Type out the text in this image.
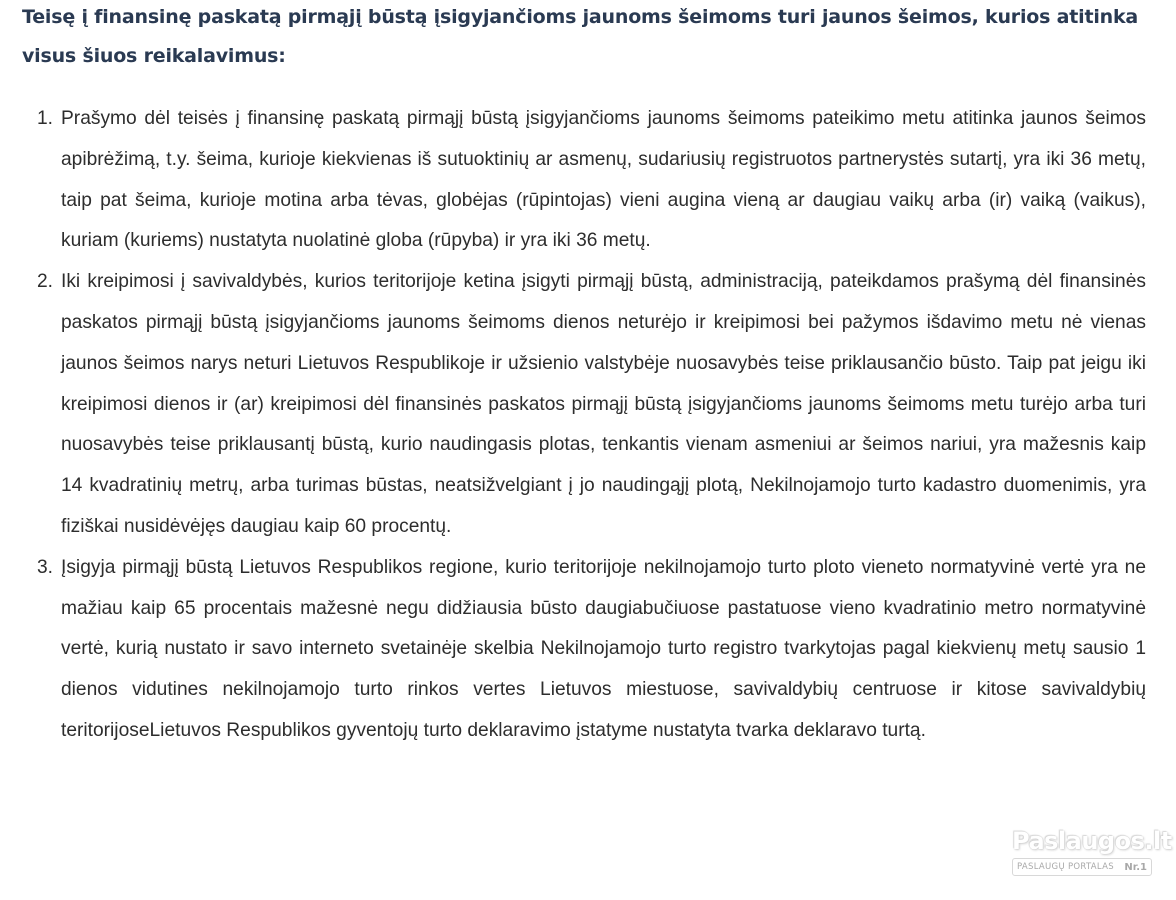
Teisę į finansinę paskatą pirmąjį būstą įsigyjančioms jaunoms šeimoms turi jaunos šeimos, kurios atitinka visus šiuos reikalavimus:
1. Prašymo dėl teisės į finansinę paskatą pirmąjį būstą įsigyjančioms jaunoms šeimoms pateikimo metu atitinka jaunos šeimos apibrėžimą, t.y. šeima, kurioje kiekvienas iš sutuoktinių ar asmenų, sudariusių registruotos partnerystės sutartį, yra iki 36 metų, taip pat šeima, kurioje motina arba tėvas, globėjas (rūpintojas) vieni augina vieną ar daugiau vaikų arba (ir) vaiką (vaikus), kuriam (kuriems) nustatyta nuolatinė globa (rūpyba) ir yra iki 36 metų.
2. Iki kreipimosi į savivaldybės, kurios teritorijoje ketina įsigyti pirmąjį būstą, administraciją, pateikdamos prašymą dėl finansinės paskatos pirmąjį būstą įsigyjančioms jaunoms šeimoms dienos neturėjo ir kreipimosi bei pažymos išdavimo metu nė vienas jaunos šeimos narys neturi Lietuvos Respublikoje ir užsienio valstybėje nuosavybės teise priklausančio būsto. Taip pat jeigu iki kreipimosi dienos ir (ar) kreipimosi dėl finansinės paskatos pirmąjį būstą įsigyjančioms jaunoms šeimoms metu turėjo arba turi nuosavybės teise priklausantį būstą, kurio naudingasis plotas, tenkantis vienam asmeniui ar šeimos nariui, yra mažesnis kaip 14 kvadratinių metrų, arba turimas būstas, neatsižvelgiant į jo naudingąjį plotą, Nekilnojamojo turto kadastro duomenimis, yra fiziškai nusidėvėjęs daugiau kaip 60 procentų.
3. Įsigyja pirmąjį būstą Lietuvos Respublikos regione, kurio teritorijoje nekilnojamojo turto ploto vieneto normatyvinė vertė yra ne mažiau kaip 65 procentais mažesnė negu didžiausia būsto daugiabučiuose pastatuose vieno kvadratinio metro normatyvinė vertė, kurią nustato ir savo interneto svetainėje skelbia Nekilnojamojo turto registro tvarkytojas pagal kiekvienų metų sausio 1 dienos vidutines nekilnojamojo turto rinkos vertes Lietuvos miestuose, savivaldybių centruose ir kitose savivaldybių teritorijoseLietuvos Respublikos gyventojų turto deklaravimo įstatyme nustatyta tvarka deklaravo turtą.
Paslaugos.lt
PASLAUGŲ PORTALAS Nr.1
